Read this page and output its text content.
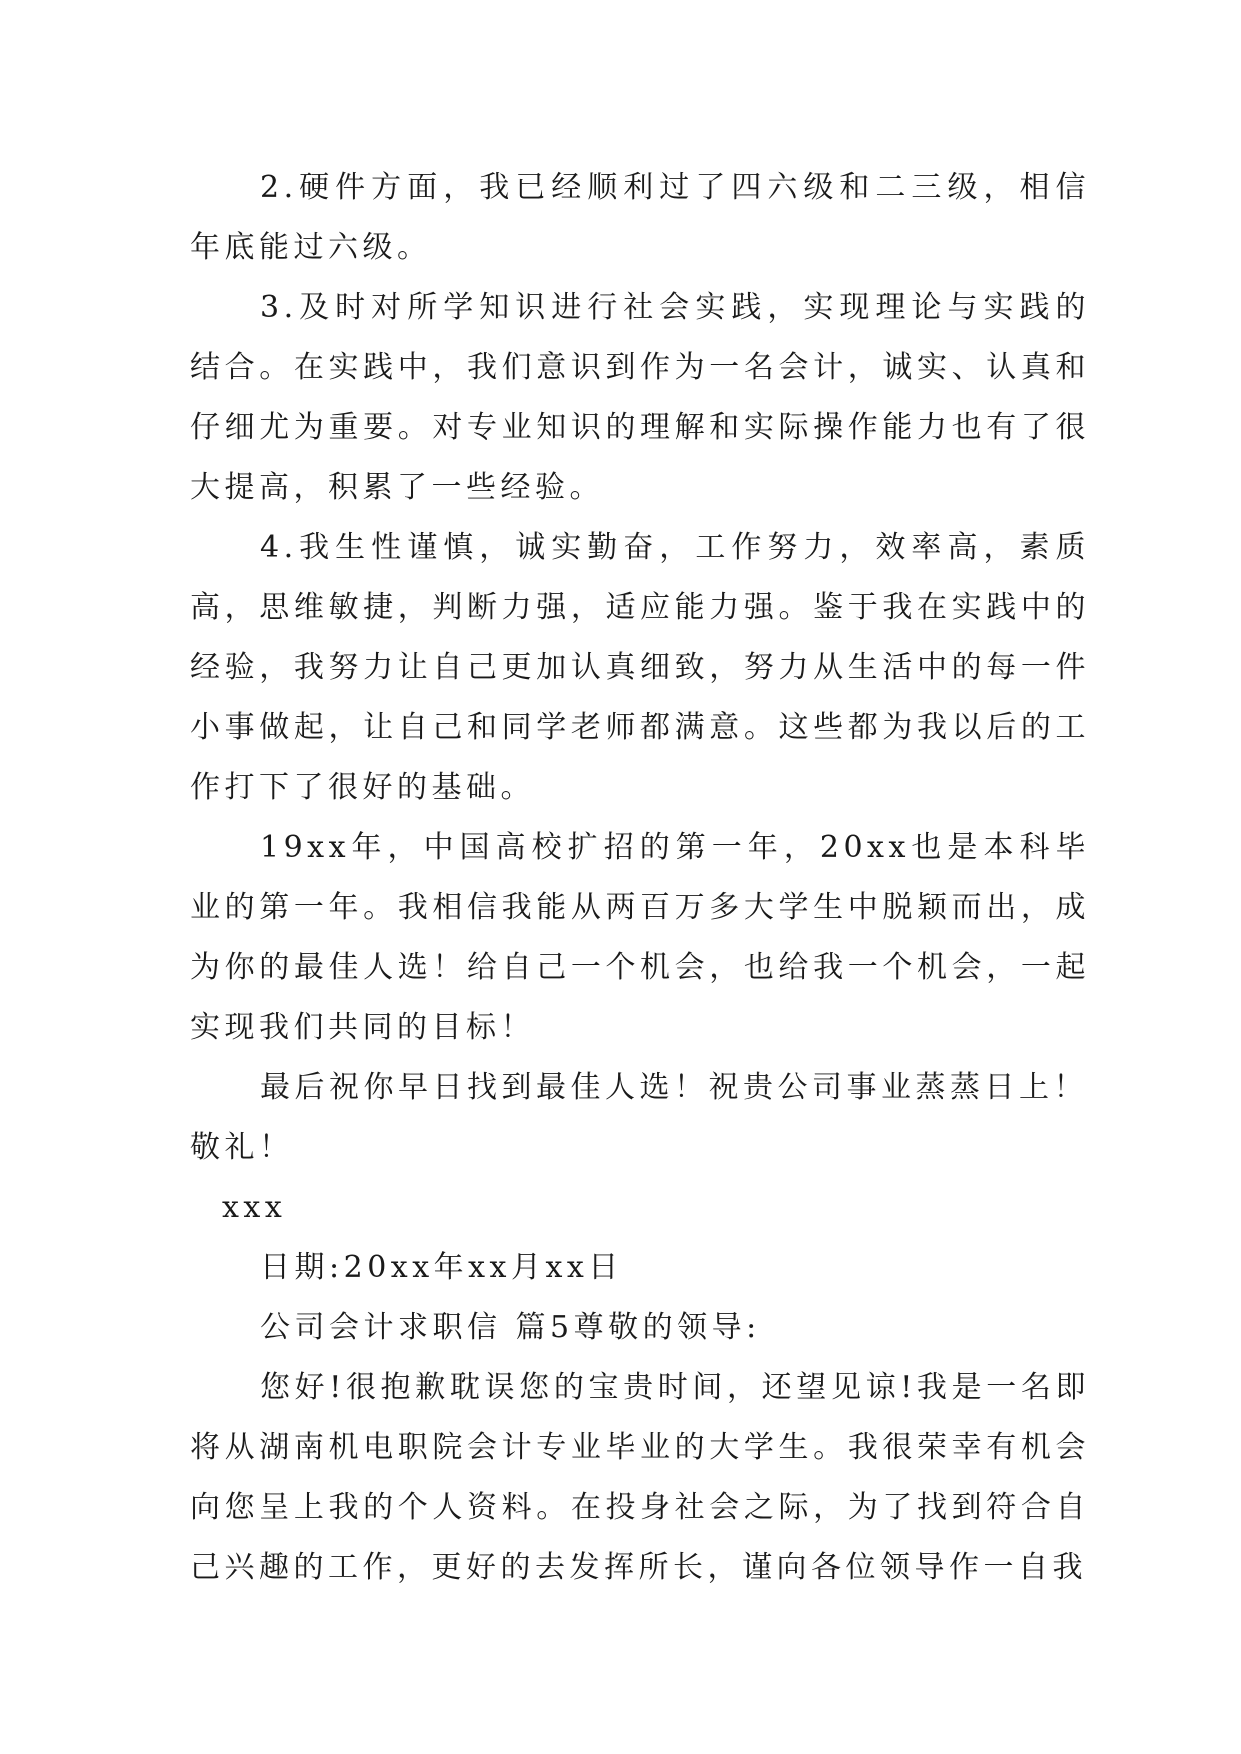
2.硬件方面，我已经顺利过了四六级和二三级，相信年底能过六级。

3.及时对所学知识进行社会实践，实现理论与实践的结合。在实践中，我们意识到作为一名会计，诚实、认真和仔细尤为重要。对专业知识的理解和实际操作能力也有了很大提高，积累了一些经验。

4.我生性谨慎，诚实勤奋，工作努力，效率高，素质高，思维敏捷，判断力强，适应能力强。鉴于我在实践中的经验，我努力让自己更加认真细致，努力从生活中的每一件小事做起，让自己和同学老师都满意。这些都为我以后的工作打下了很好的基础。

19xx年，中国高校扩招的第一年，20xx也是本科毕业的第一年。我相信我能从两百万多大学生中脱颖而出，成为你的最佳人选！给自己一个机会，也给我一个机会，一起实现我们共同的目标！

最后祝你早日找到最佳人选！祝贵公司事业蒸蒸日上！

敬礼！

xxx

日期:20xx年xx月xx日

公司会计求职信 篇5尊敬的领导:

您好!很抱歉耽误您的宝贵时间，还望见谅!我是一名即将从湖南机电职院会计专业毕业的大学生。我很荣幸有机会向您呈上我的个人资料。在投身社会之际，为了找到符合自己兴趣的工作，更好的去发挥所长，谨向各位领导作一自我
